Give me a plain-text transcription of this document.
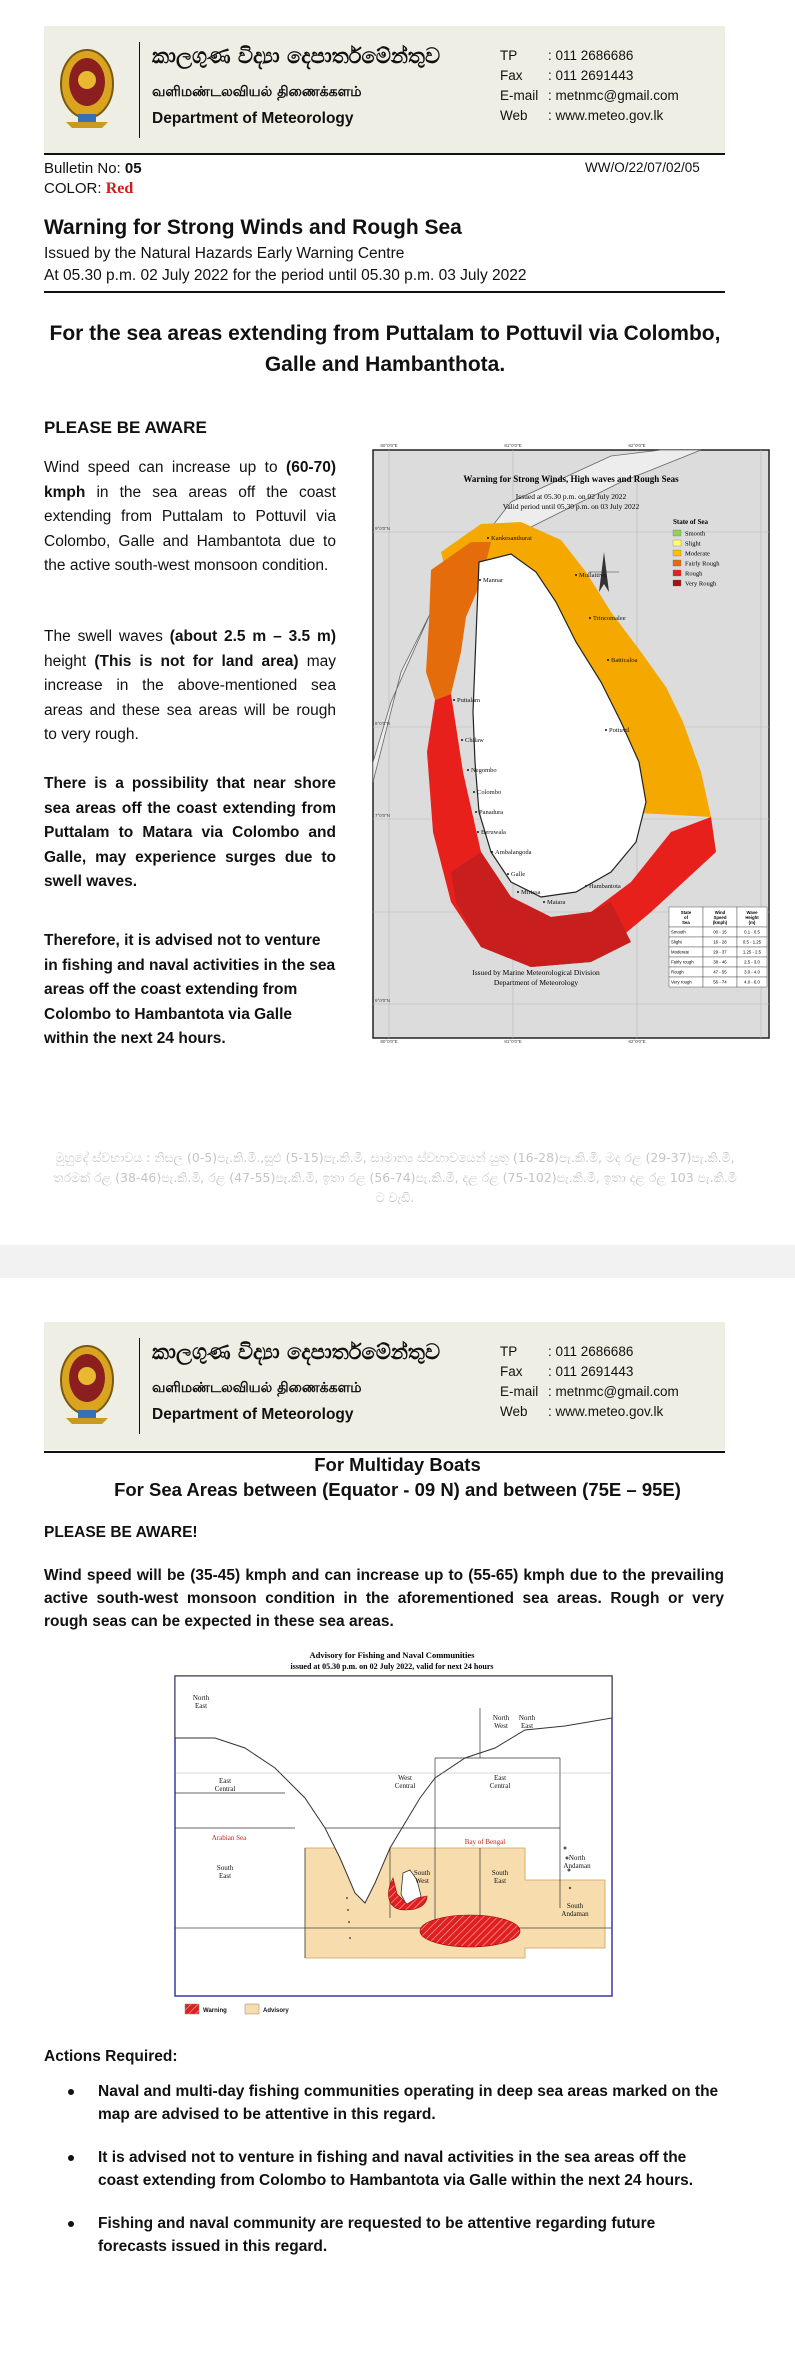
කාලගුණ විද්‍යා දෙපාර්තමේන්තුව
வளிமண்டலவியல் திணைக்களம்
Department of Meteorology
TP	: 011 2686686
Fax	: 011 2691443
E-mail : metnmc@gmail.com
Web	: www.meteo.gov.lk
Bulletin No: 05
COLOR: Red
WW/O/22/07/02/05
Warning for Strong Winds and Rough Sea
Issued by the Natural Hazards Early Warning Centre
At 05.30 p.m. 02 July 2022 for the period until 05.30 p.m. 03 July 2022
For the sea areas extending from Puttalam to Pottuvil via Colombo, Galle and Hambanthota.
PLEASE BE AWARE
Wind speed can increase up to (60-70) kmph in the sea areas off the coast extending from Puttalam to Pottuvil via Colombo, Galle and Hambantota due to the active south-west monsoon condition.
The swell waves (about 2.5 m – 3.5 m) height (This is not for land area) may increase in the above-mentioned sea areas and these sea areas will be rough to very rough.
There is a possibility that near shore sea areas off the coast extending from Puttalam to Matara via Colombo and Galle, may experience surges due to swell waves.
Therefore, it is advised not to venture in fishing and naval activities in the sea areas off the coast extending from Colombo to Hambantota via Galle within the next 24 hours.
Warning for Strong Winds, High waves and Rough Seas
Issued at 05.30 p.m. on 02 July 2022
Valid period until 05.30 p.m. on 03 July 2022
State of Sea
Smooth
Slight
Moderate
Fairly Rough
Rough
Very Rough
Kankesanthurai
Mannar
Mullaitivu
Trincomalee
Puttalam
Batticaloa
Chilaw
Negombo
Colombo
Pottuvil
Panadura
Beruwala
Ambalangoda
Galle
Hambantota
Matara
Mirissa
State
of
Sea
Wind
Speed
(kmph)
Wave
Height
(m)
Smooth	00 - 15	0.1 - 0.5
Slight	16 - 28	0.5 - 1.25
Moderate	29 - 37	1.25 - 2.5
Fairly rough	38 - 46	2.5 - 3.0
Rough	47 - 55	3.0 - 4.0
Very rough	56 - 74	4.0 - 6.0
Issued by Marine Meteorological Division
Department of Meteorology
80°0'0"E
80°0'0"E
81°0'0"E
81°0'0"E
82°0'0"E
82°0'0"E
9°0'0"N
8°0'0"N
7°0'0"N
6°0'0"N
මුහුදේ ස්වභාවය : නිසල (0-5)පැ.කි.මී.,සුළු (5-15)පැ.කි.මී, සාමාන්‍ය ස්වභාවයෙන් යුතු (16-28)පැ.කි.මී, මද රළ (29-37)පැ.කි.මී, තරමක් රළ (38-46)පැ.කි.මී, රළ (47-55)පැ.කි.මී, ඉතා රළ (56-74)පැ.කි.මී, දළ රළ (75-102)පැ.කි.මී, ඉතා දළ රළ 103 පැ.කි.මී ට වැඩි.
කාලගුණ විද්‍යා දෙපාර්තමේන්තුව
வளிமண்டலவியல் திணைக்களம்
Department of Meteorology
TP	: 011 2686686
Fax	: 011 2691443
E-mail : metnmc@gmail.com
Web	: www.meteo.gov.lk
For Multiday Boats
For Sea Areas between (Equator - 09 N) and between (75E – 95E)
PLEASE BE AWARE!
Wind speed will be (35-45) kmph and can increase up to (55-65) kmph due to the prevailing active south-west monsoon condition in the aforementioned sea areas. Rough or very rough seas can be expected in these sea areas.
Advisory for Fishing and Naval Communities
issued at 05.30 p.m. on 02 July 2022, valid for next 24 hours
North
East
North
West
North
East
East
Central
West
Central
East
Central
Arabian Sea	Bay of Bengal
North
Andaman
South
East	South
West
South
East
South
Andaman
Warning	Advisory
Actions Required:
Naval and multi-day fishing communities operating in deep sea areas marked on the map are advised to be attentive in this regard.
It is advised not to venture in fishing and naval activities in the sea areas off the coast extending from Colombo to Hambantota via Galle within the next 24 hours.
Fishing and naval community are requested to be attentive regarding future forecasts issued in this regard.
